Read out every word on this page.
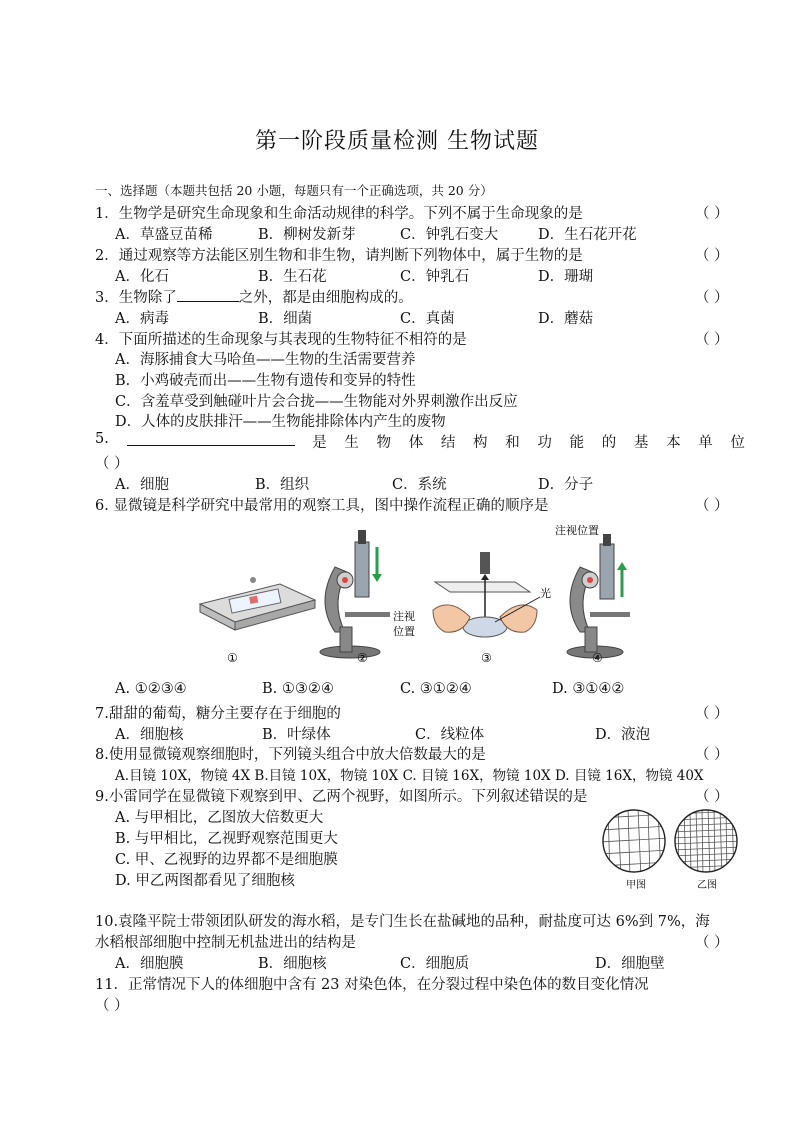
第一阶段质量检测 生物试题
一、选择题（本题共包括 20 小题，每题只有一个正确选项，共 20 分）
1．生物学是研究生命现象和生命活动规律的科学。下列不属于生命现象的是	（ ）
A．草盛豆苗稀	B．柳树发新芽	C．钟乳石变大	D．生石花开花
2．通过观察等方法能区别生物和非生物，请判断下列物体中，属于生物的是	（ ）
A．化石	B．生石花	C．钟乳石	D．珊瑚
3．生物除了	之外，都是由细胞构成的。	（ ）
A．病毒	B．细菌	C．真菌	D．蘑菇
4．下面所描述的生命现象与其表现的生物特征不相符的是	（ ）
A．海豚捕食大马哈鱼——生物的生活需要营养
B．小鸡破壳而出——生物有遗传和变异的特性
C．含羞草受到触碰叶片会合拢——生物能对外界刺激作出反应
D．人体的皮肤排汗——生物能排除体内产生的废物
5.	是 生 物 体 结 构 和 功 能 的 基 本 单 位
（ ）
A．细胞	B．组织	C．系统	D．分子
6. 显微镜是科学研究中最常用的观察工具，图中操作流程正确的顺序是	（ ）
①
注视
位置
②
光
③
注视位置
④
A. ①②③④	B. ①③②④	C. ③①②④	D. ③①④②
7.甜甜的葡萄，糖分主要存在于细胞的	（ ）
A．细胞核	B．叶绿体	C．线粒体	D．液泡
8.使用显微镜观察细胞时，下列镜头组合中放大倍数最大的是	（ ）
A.目镜 10X，物镜 4X B.目镜 10X，物镜 10X C. 目镜 16X，物镜 10X D. 目镜 16X，物镜 40X
9.小雷同学在显微镜下观察到甲、乙两个视野，如图所示。下列叙述错误的是	（ ）
A. 与甲相比，乙图放大倍数更大
B. 与甲相比，乙视野观察范围更大
C. 甲、乙视野的边界都不是细胞膜
D. 甲乙两图都看见了细胞核	甲图	乙图
10.袁隆平院士带领团队研发的海水稻，是专门生长在盐碱地的品种，耐盐度可达 6%到 7%，海
水稻根部细胞中控制无机盐进出的结构是	（ ）
A．细胞膜	B．细胞核	C．细胞质	D．细胞壁
11．正常情况下人的体细胞中含有 23 对染色体，在分裂过程中染色体的数目变化情况
（ ）
